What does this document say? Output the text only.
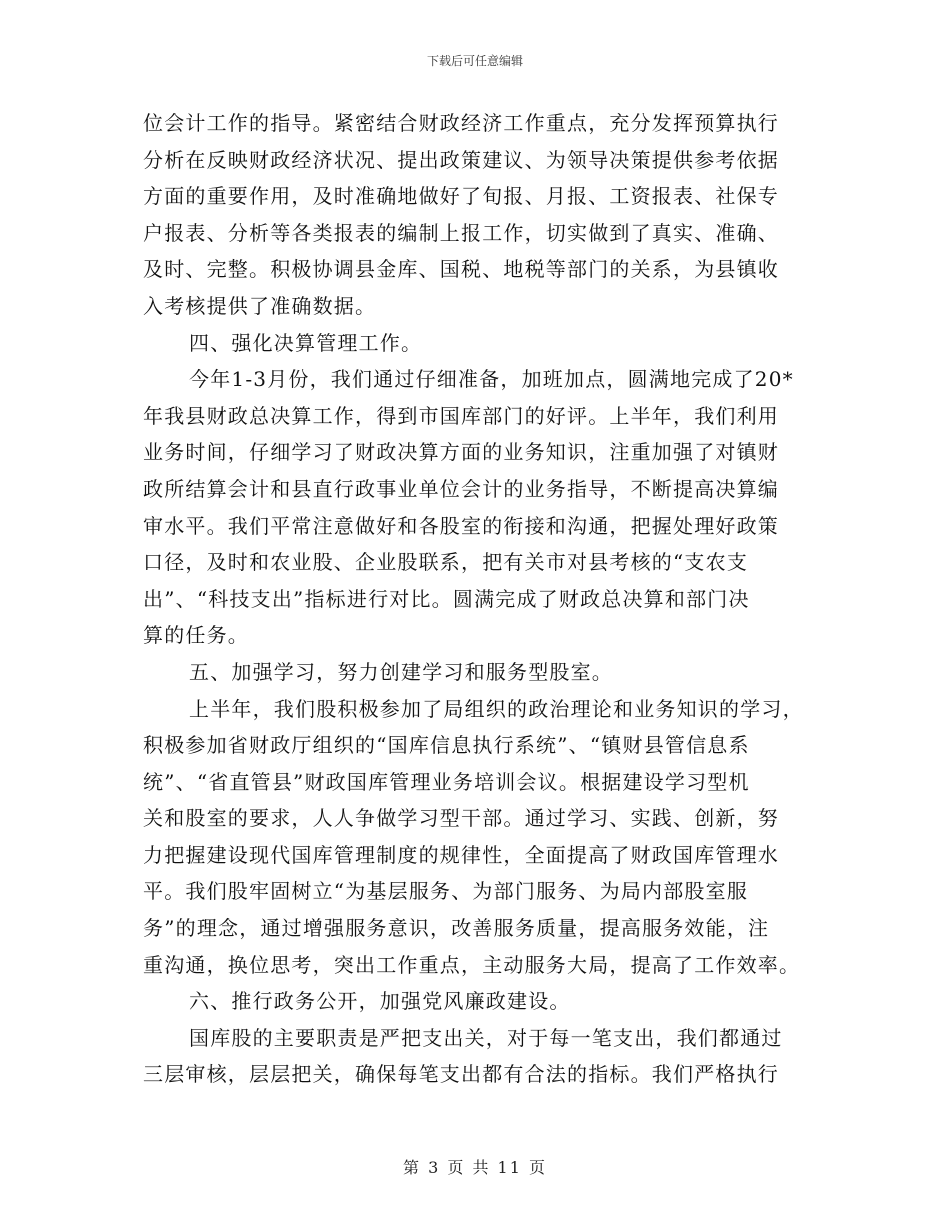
下载后可任意编辑
位会计工作的指导。紧密结合财政经济工作重点，充分发挥预算执行
分析在反映财政经济状况、提出政策建议、为领导决策提供参考依据
方面的重要作用，及时准确地做好了旬报、月报、工资报表、社保专
户报表、分析等各类报表的编制上报工作，切实做到了真实、准确、
及时、完整。积极协调县金库、国税、地税等部门的关系，为县镇收
入考核提供了准确数据。
四、强化决算管理工作。
今年1-3月份，我们通过仔细准备，加班加点，圆满地完成了20*
年我县财政总决算工作，得到市国库部门的好评。上半年，我们利用
业务时间，仔细学习了财政决算方面的业务知识，注重加强了对镇财
政所结算会计和县直行政事业单位会计的业务指导，不断提高决算编
审水平。我们平常注意做好和各股室的衔接和沟通，把握处理好政策
口径，及时和农业股、企业股联系，把有关市对县考核的“支农支
出”、“科技支出”指标进行对比。圆满完成了财政总决算和部门决
算的任务。
五、加强学习，努力创建学习和服务型股室。
上半年，我们股积极参加了局组织的政治理论和业务知识的学习，
积极参加省财政厅组织的“国库信息执行系统”、“镇财县管信息系
统”、“省直管县”财政国库管理业务培训会议。根据建设学习型机
关和股室的要求，人人争做学习型干部。通过学习、实践、创新，努
力把握建设现代国库管理制度的规律性，全面提高了财政国库管理水
平。我们股牢固树立“为基层服务、为部门服务、为局内部股室服
务”的理念，通过增强服务意识，改善服务质量，提高服务效能，注
重沟通，换位思考，突出工作重点，主动服务大局，提高了工作效率。
六、推行政务公开，加强党风廉政建设。
国库股的主要职责是严把支出关，对于每一笔支出，我们都通过
三层审核，层层把关，确保每笔支出都有合法的指标。我们严格执行
第 3 页 共 11 页
